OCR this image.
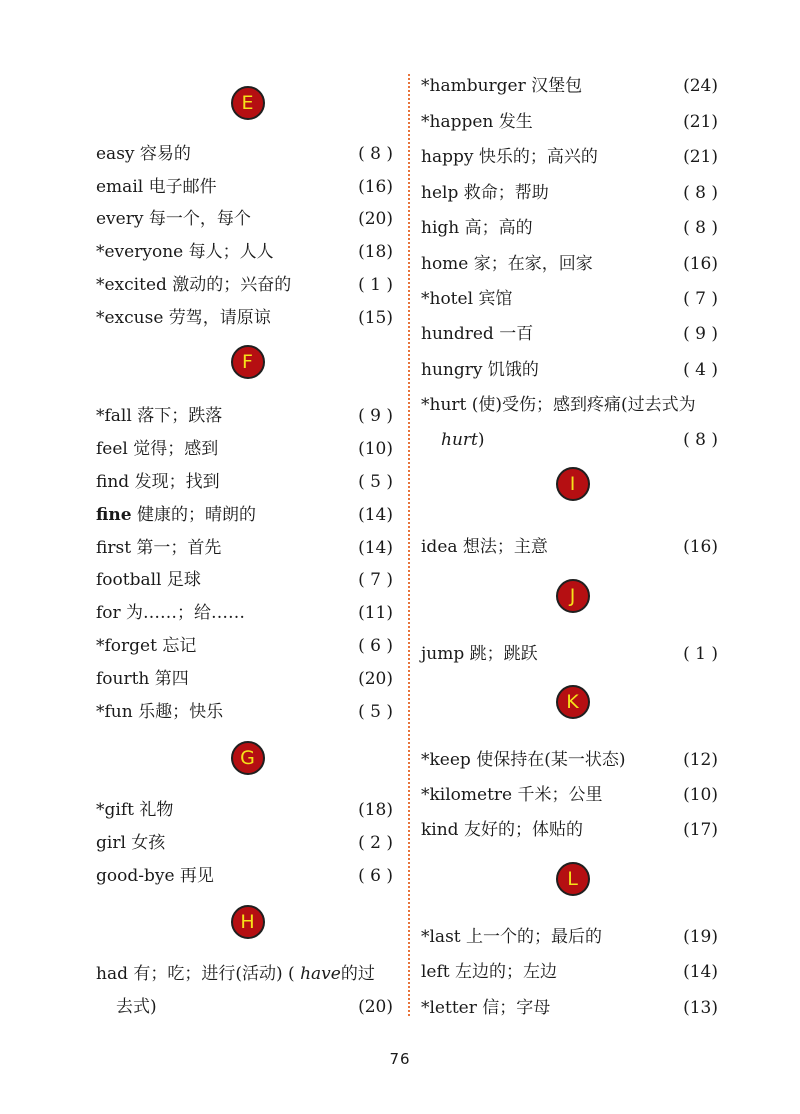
E
easy 容易的	( 8 )
email 电子邮件	(16)
every 每一个，每个	(20)
*everyone 每人；人人	(18)
*excited 激动的；兴奋的	( 1 )
*excuse 劳驾，请原谅	(15)
F
*fall 落下；跌落	( 9 )
feel 觉得；感到	(10)
find 发现；找到	( 5 )
fine 健康的；晴朗的	(14)
first 第一；首先	(14)
football 足球	( 7 )
for 为……；给……	(11)
*forget 忘记	( 6 )
fourth 第四	(20)
*fun 乐趣；快乐	( 5 )
G
*gift 礼物	(18)
girl 女孩	( 2 )
good-bye 再见	( 6 )
H
had 有；吃；进行(活动) ( have的过
去式)	(20)
*hamburger 汉堡包	(24)
*happen 发生	(21)
happy 快乐的；高兴的	(21)
help 救命；帮助	( 8 )
high 高；高的	( 8 )
home 家；在家，回家	(16)
*hotel 宾馆	( 7 )
hundred 一百	( 9 )
hungry 饥饿的	( 4 )
*hurt (使)受伤；感到疼痛(过去式为
hurt)	( 8 )
I
idea 想法；主意	(16)
J
jump 跳；跳跃	( 1 )
K
*keep 使保持在(某一状态)	(12)
*kilometre 千米；公里	(10)
kind 友好的；体贴的	(17)
L
*last 上一个的；最后的	(19)
left 左边的；左边	(14)
*letter 信；字母	(13)
76
